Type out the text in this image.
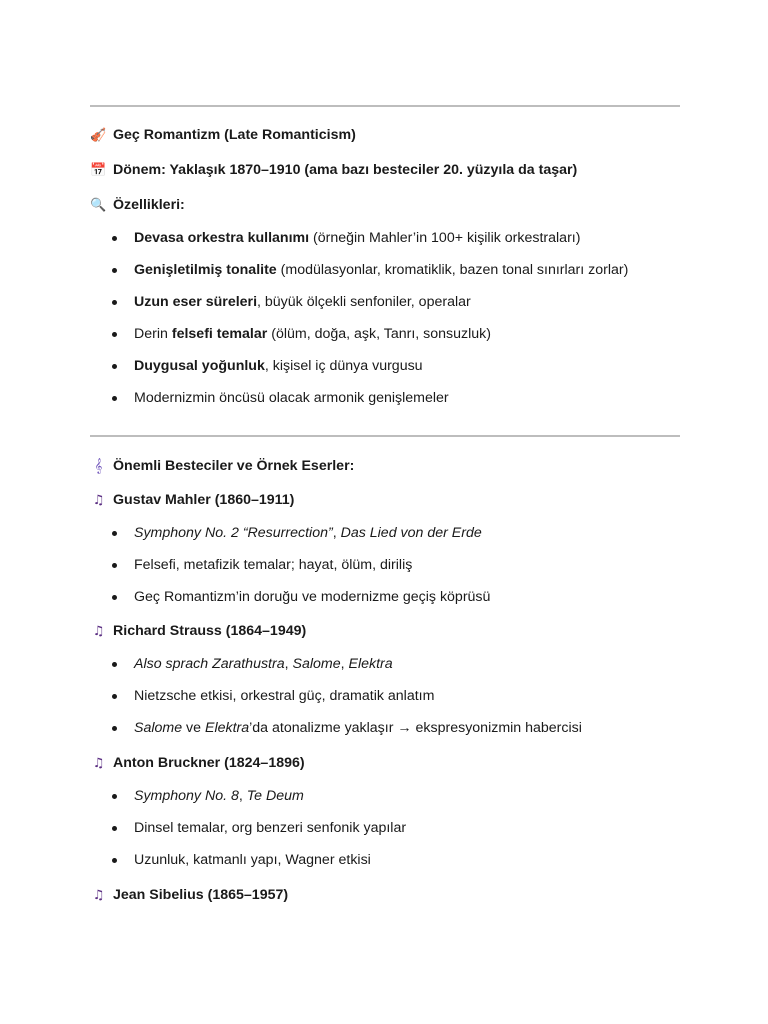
🎻 Geç Romantizm (Late Romanticism)
📅 Dönem: Yaklaşık 1870–1910 (ama bazı besteciler 20. yüzyıla da taşar)
🔍 Özellikleri:
Devasa orkestra kullanımı (örneğin Mahler’in 100+ kişilik orkestraları)
Genişletilmiş tonalite (modülasyonlar, kromatiklik, bazen tonal sınırları zorlar)
Uzun eser süreleri, büyük ölçekli senfoniler, operalar
Derin felsefi temalar (ölüm, doğa, aşk, Tanrı, sonsuzluk)
Duygusal yoğunluk, kişisel iç dünya vurgusu
Modernizmin öncüsü olacak armonik genişlemeler
𝄞 Önemli Besteciler ve Örnek Eserler:
♫ Gustav Mahler (1860–1911)
Symphony No. 2 “Resurrection”, Das Lied von der Erde
Felsefi, metafizik temalar; hayat, ölüm, diriliş
Geç Romantizm’in doruğu ve modernizme geçiş köprüsü
♫ Richard Strauss (1864–1949)
Also sprach Zarathustra, Salome, Elektra
Nietzsche etkisi, orkestral güç, dramatik anlatım
Salome ve Elektra’da atonalizme yaklaşır → ekspresyonizmin habercisi
♫ Anton Bruckner (1824–1896)
Symphony No. 8, Te Deum
Dinsel temalar, org benzeri senfonik yapılar
Uzunluk, katmanlı yapı, Wagner etkisi
♫ Jean Sibelius (1865–1957)
